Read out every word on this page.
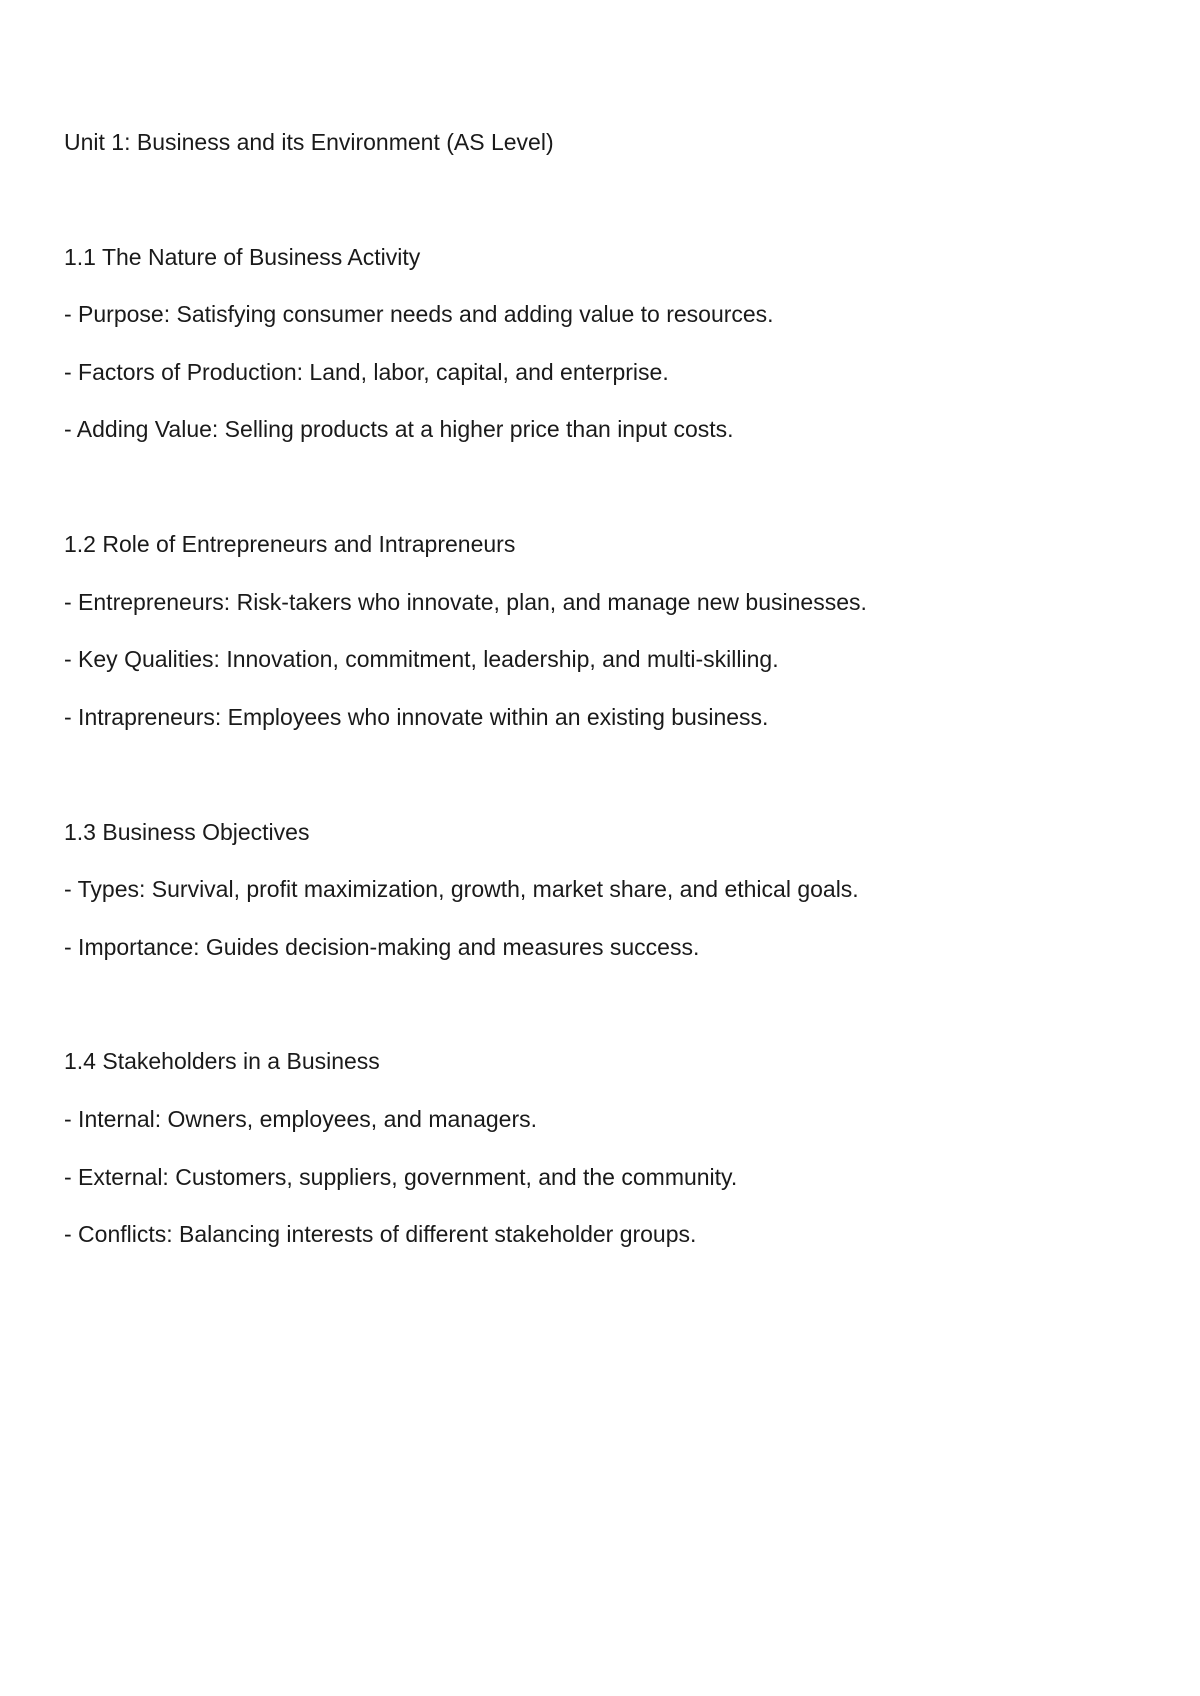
Unit 1: Business and its Environment (AS Level)
1.1 The Nature of Business Activity
- Purpose: Satisfying consumer needs and adding value to resources.
- Factors of Production: Land, labor, capital, and enterprise.
- Adding Value: Selling products at a higher price than input costs.
1.2 Role of Entrepreneurs and Intrapreneurs
- Entrepreneurs: Risk-takers who innovate, plan, and manage new businesses.
- Key Qualities: Innovation, commitment, leadership, and multi-skilling.
- Intrapreneurs: Employees who innovate within an existing business.
1.3 Business Objectives
- Types: Survival, profit maximization, growth, market share, and ethical goals.
- Importance: Guides decision-making and measures success.
1.4 Stakeholders in a Business
- Internal: Owners, employees, and managers.
- External: Customers, suppliers, government, and the community.
- Conflicts: Balancing interests of different stakeholder groups.
